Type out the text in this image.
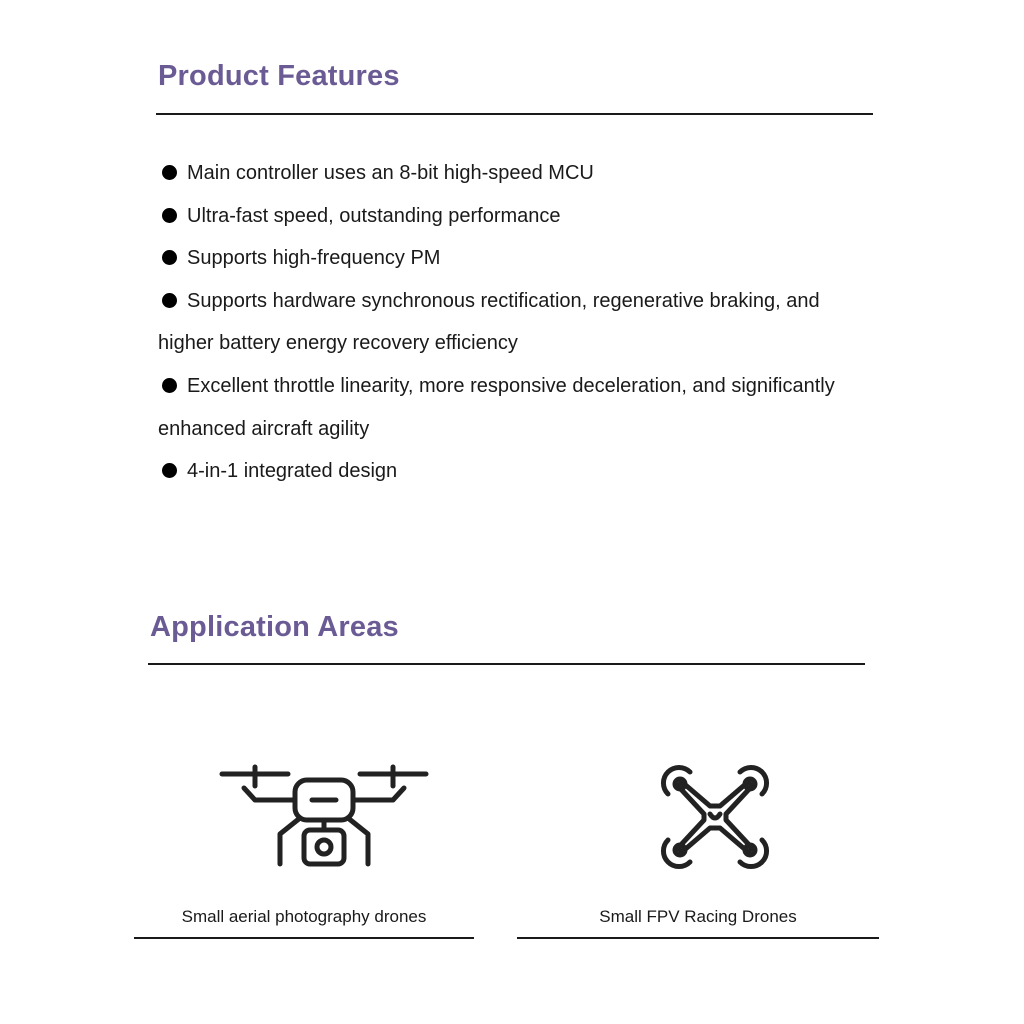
Product Features
Main controller uses an 8-bit high-speed MCU
Ultra-fast speed, outstanding performance
Supports high-frequency PM
Supports hardware synchronous rectification, regenerative braking, and higher battery energy recovery efficiency
Excellent throttle linearity, more responsive deceleration, and significantly enhanced aircraft agility
4-in-1 integrated design
Application Areas
Small aerial photography drones	Small FPV Racing Drones
